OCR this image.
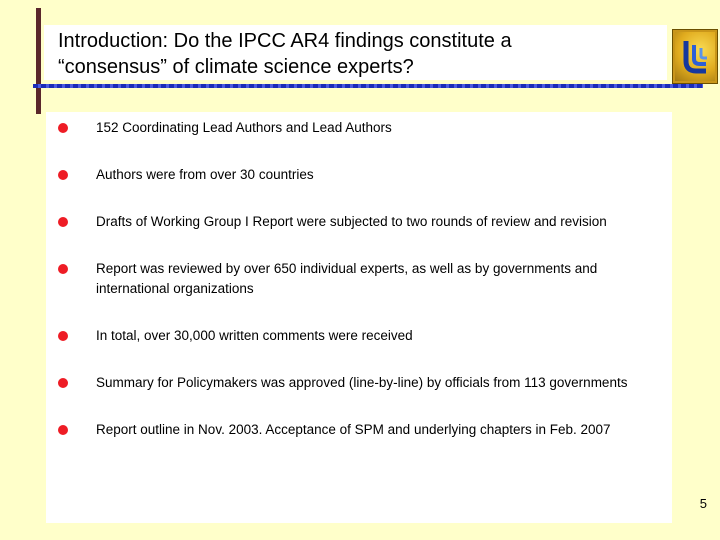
Introduction: Do the IPCC AR4 findings constitute a
“consensus” of climate science experts?
152 Coordinating Lead Authors and Lead Authors
Authors were from over 30 countries
Drafts of Working Group I Report were subjected to two rounds of review and revision
Report was reviewed by over 650 individual experts, as well as by governments and international organizations
In total, over 30,000 written comments were received
Summary for Policymakers was approved (line-by-line) by officials from 113 governments
Report outline in Nov. 2003. Acceptance of SPM and underlying chapters in Feb. 2007
5
